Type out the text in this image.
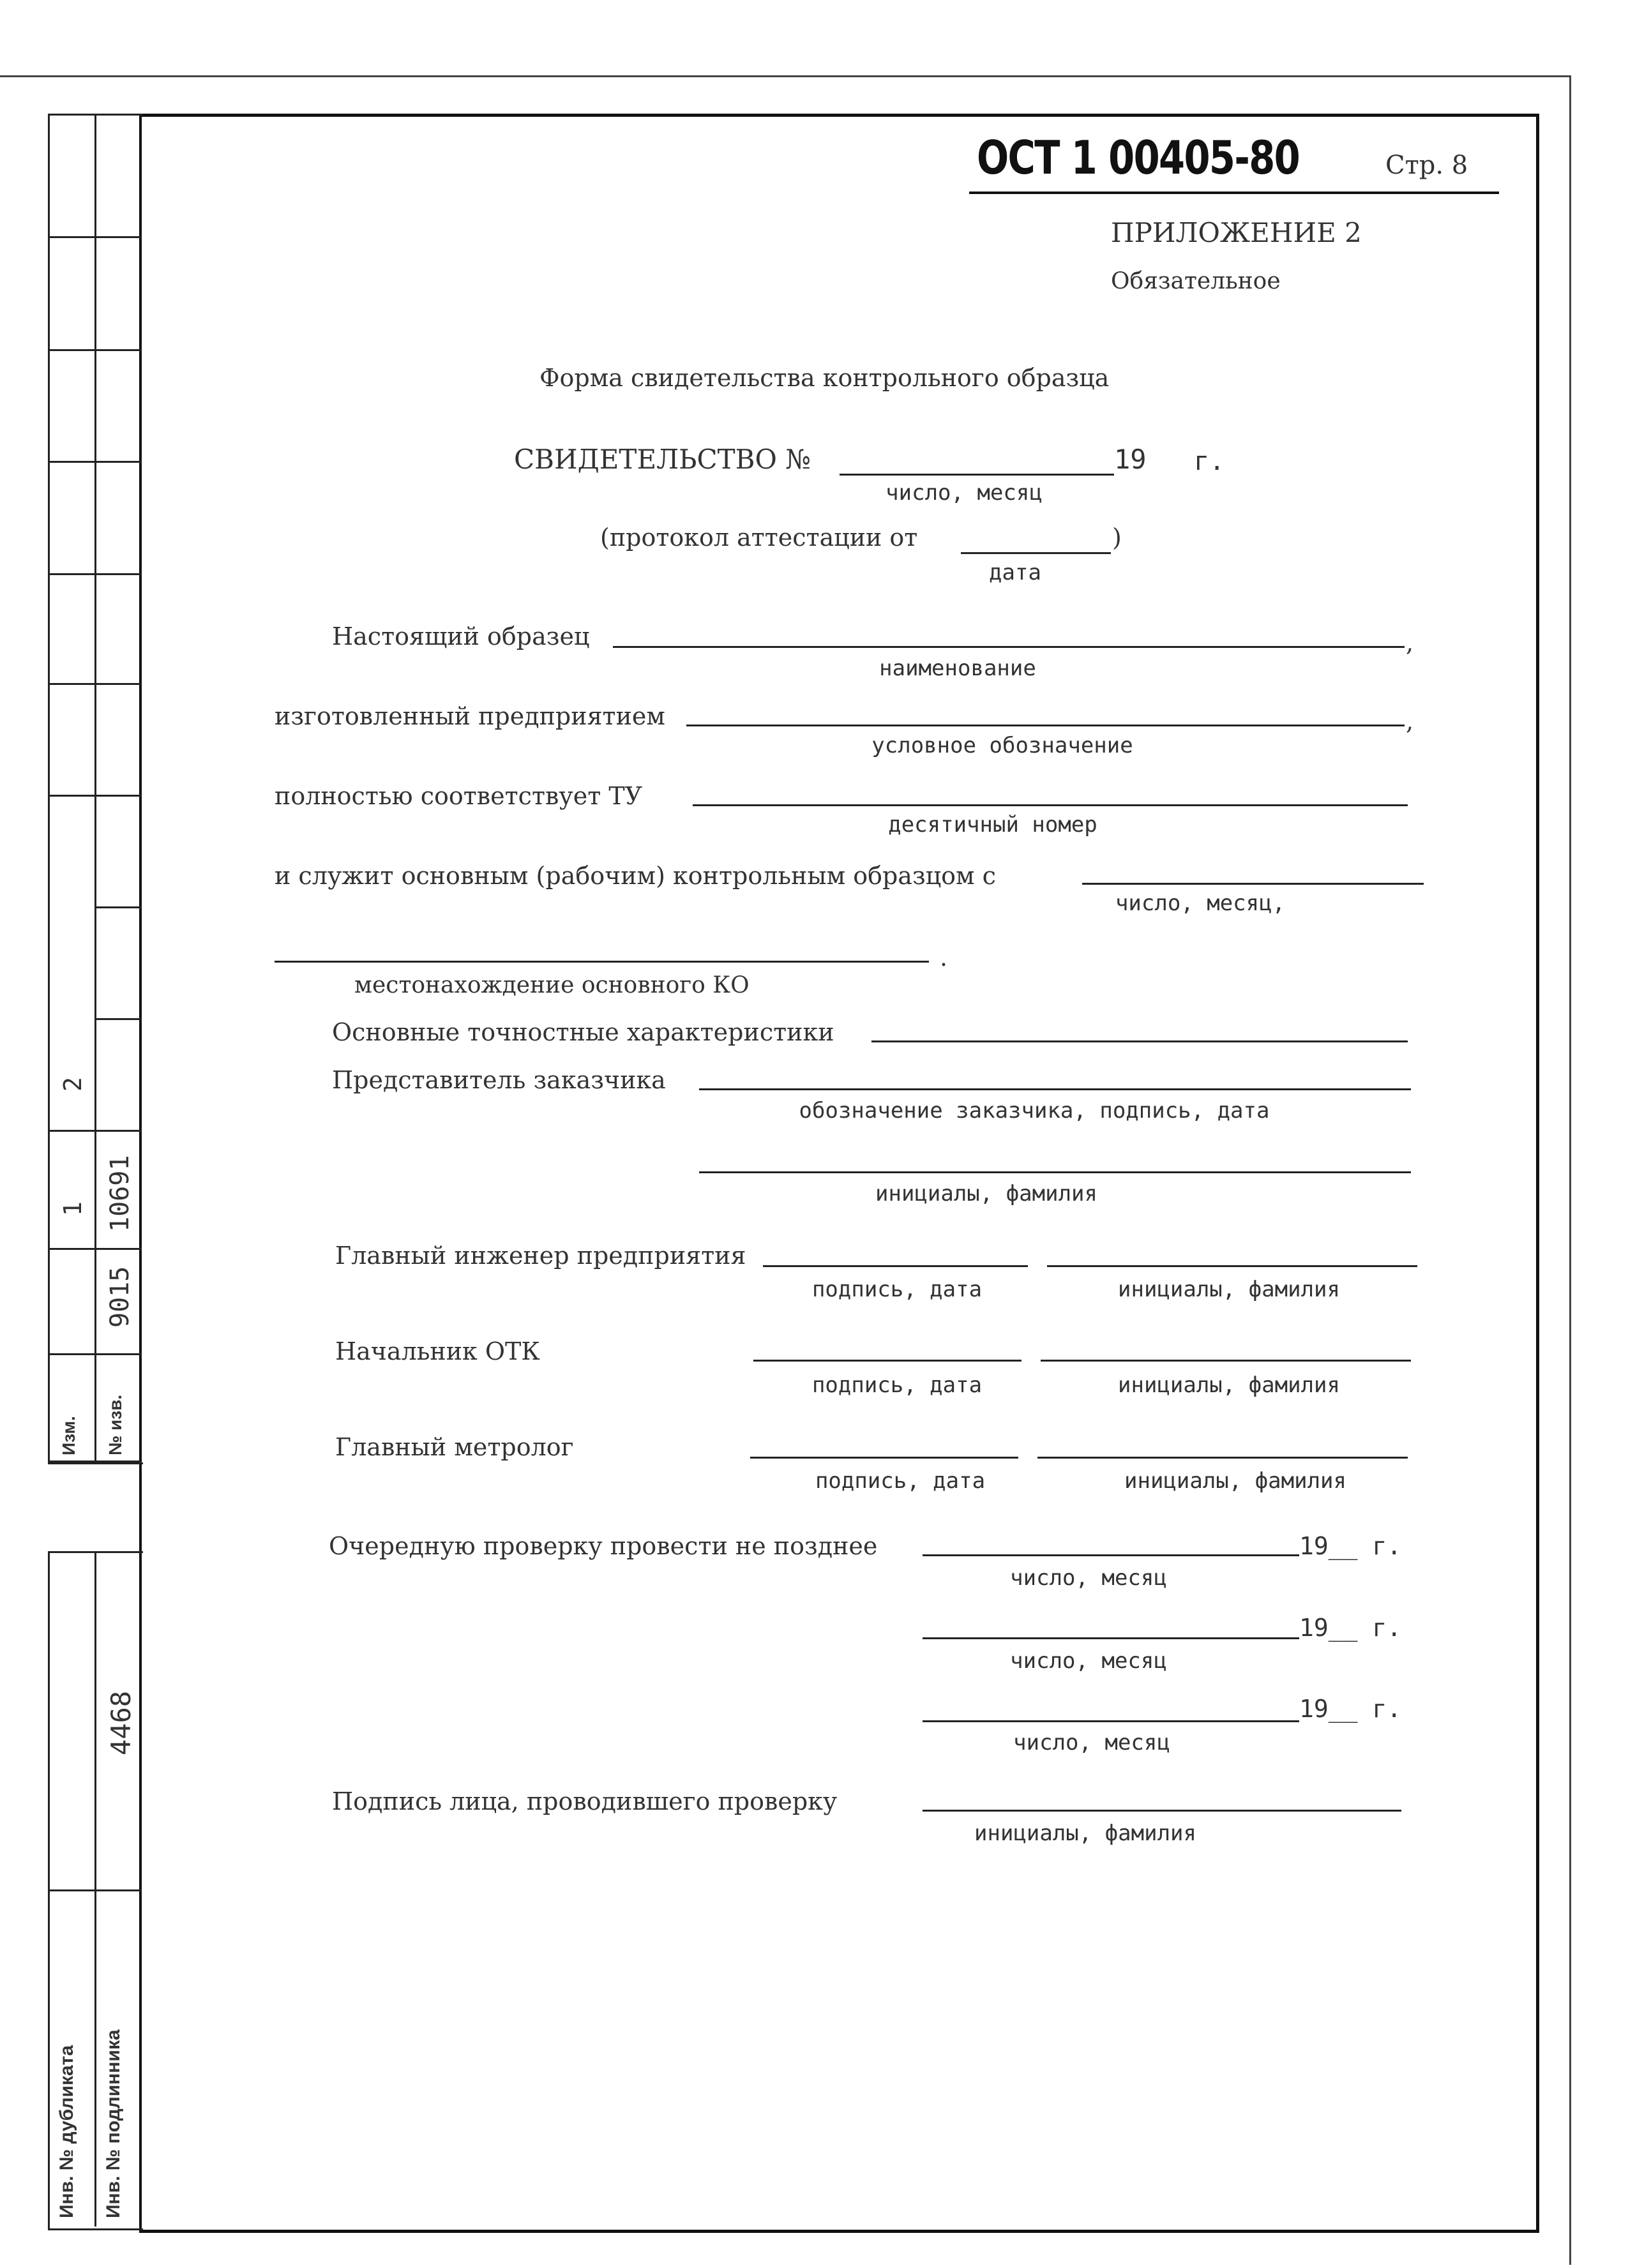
1
2
9015
10691
Изм. № изв.
4468
Инв. № дубликата Инв. № подлинника
ОСТ 1 00405-80	Стр. 8
ПРИЛОЖЕНИЕ 2
Обязательное
Форма свидетельства контрольного образца
СВИДЕТЕЛЬСТВО №	19 г.
число, месяц
(протокол аттестации от	)
дата
Настоящий образец	,
наименование
изготовленный предприятием	,
условное обозначение
полностью соответствует ТУ
десятичный номер
и служит основным (рабочим) контрольным образцом с
число, месяц,
.
местонахождение основного КО
Основные точностные характеристики
Представитель заказчика
обозначение заказчика, подпись, дата
инициалы, фамилия
Главный инженер предприятия
подпись, дата	инициалы, фамилия
Начальник ОТК
подпись, дата	инициалы, фамилия
Главный метролог
подпись, дата	инициалы, фамилия
Очередную проверку провести не позднее	19__ г.
число, месяц
19__ г.
число, месяц
19__ г.
число, месяц
Подпись лица, проводившего проверку
инициалы, фамилия
